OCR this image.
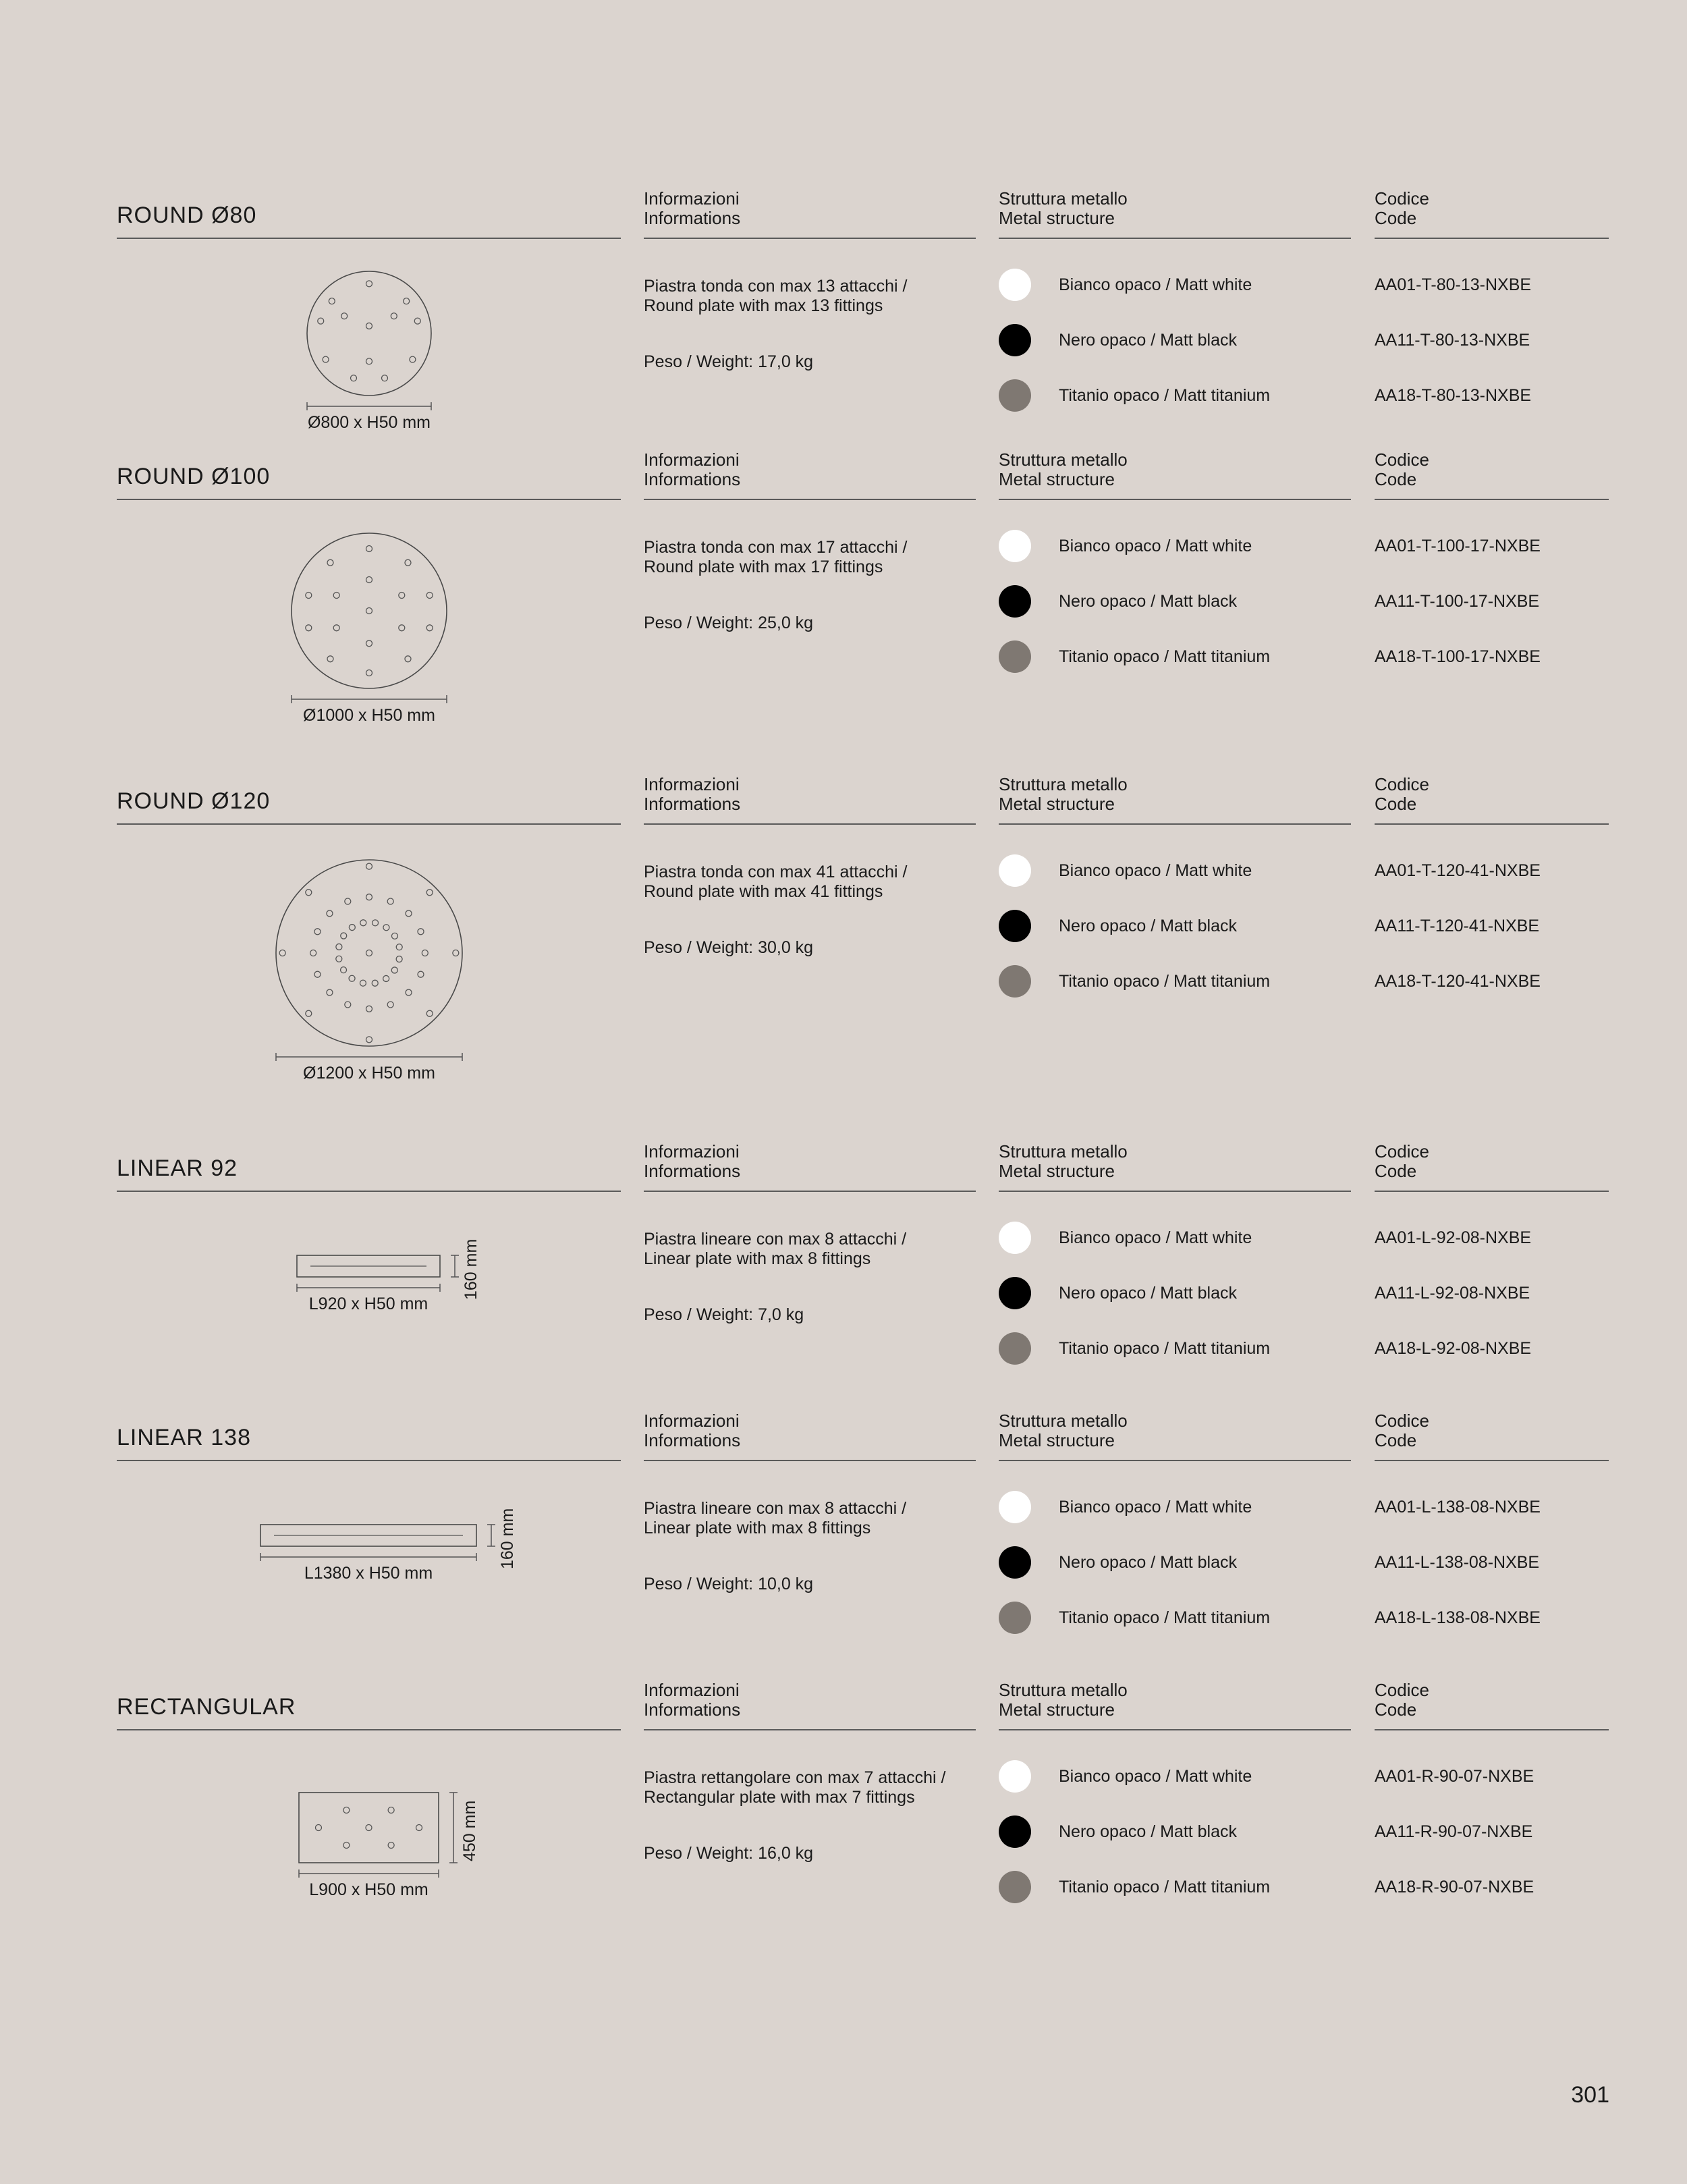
ROUND Ø80
Informazioni
Informations
Struttura metallo
Metal structure
Codice
Code
Piastra tonda con max 13 attacchi /
Round plate with max 13 fittings
Peso / Weight: 17,0 kg
Bianco opaco / Matt white	AA01-T-80-13-NXBE
Nero opaco / Matt black	AA11-T-80-13-NXBE
Titanio opaco / Matt titanium	AA18-T-80-13-NXBE
Ø800 x H50 mm
ROUND Ø100
Informazioni
Informations
Struttura metallo
Metal structure
Codice
Code
Piastra tonda con max 17 attacchi /
Round plate with max 17 fittings
Peso / Weight: 25,0 kg
Bianco opaco / Matt white	AA01-T-100-17-NXBE
Nero opaco / Matt black	AA11-T-100-17-NXBE
Titanio opaco / Matt titanium	AA18-T-100-17-NXBE
Ø1000 x H50 mm
ROUND Ø120
Informazioni
Informations
Struttura metallo
Metal structure
Codice
Code
Piastra tonda con max 41 attacchi /
Round plate with max 41 fittings
Peso / Weight: 30,0 kg
Bianco opaco / Matt white	AA01-T-120-41-NXBE
Nero opaco / Matt black	AA11-T-120-41-NXBE
Titanio opaco / Matt titanium	AA18-T-120-41-NXBE
Ø1200 x H50 mm
LINEAR 92
Informazioni
Informations
Struttura metallo
Metal structure
Codice
Code
Piastra lineare con max 8 attacchi /
Linear plate with max 8 fittings
Peso / Weight: 7,0 kg
Bianco opaco / Matt white	AA01-L-92-08-NXBE
Nero opaco / Matt black	AA11-L-92-08-NXBE
Titanio opaco / Matt titanium	AA18-L-92-08-NXBE
160 mm
L920 x H50 mm
LINEAR 138
Informazioni
Informations
Struttura metallo
Metal structure
Codice
Code
Piastra lineare con max 8 attacchi /
Linear plate with max 8 fittings
Peso / Weight: 10,0 kg
Bianco opaco / Matt white	AA01-L-138-08-NXBE
Nero opaco / Matt black	AA11-L-138-08-NXBE
Titanio opaco / Matt titanium	AA18-L-138-08-NXBE
160 mm
L1380 x H50 mm
RECTANGULAR
Informazioni
Informations
Struttura metallo
Metal structure
Codice
Code
Piastra rettangolare con max 7 attacchi /
Rectangular plate with max 7 fittings
Peso / Weight: 16,0 kg
Bianco opaco / Matt white	AA01-R-90-07-NXBE
Nero opaco / Matt black	AA11-R-90-07-NXBE
Titanio opaco / Matt titanium	AA18-R-90-07-NXBE
450 mm
L900 x H50 mm
301
